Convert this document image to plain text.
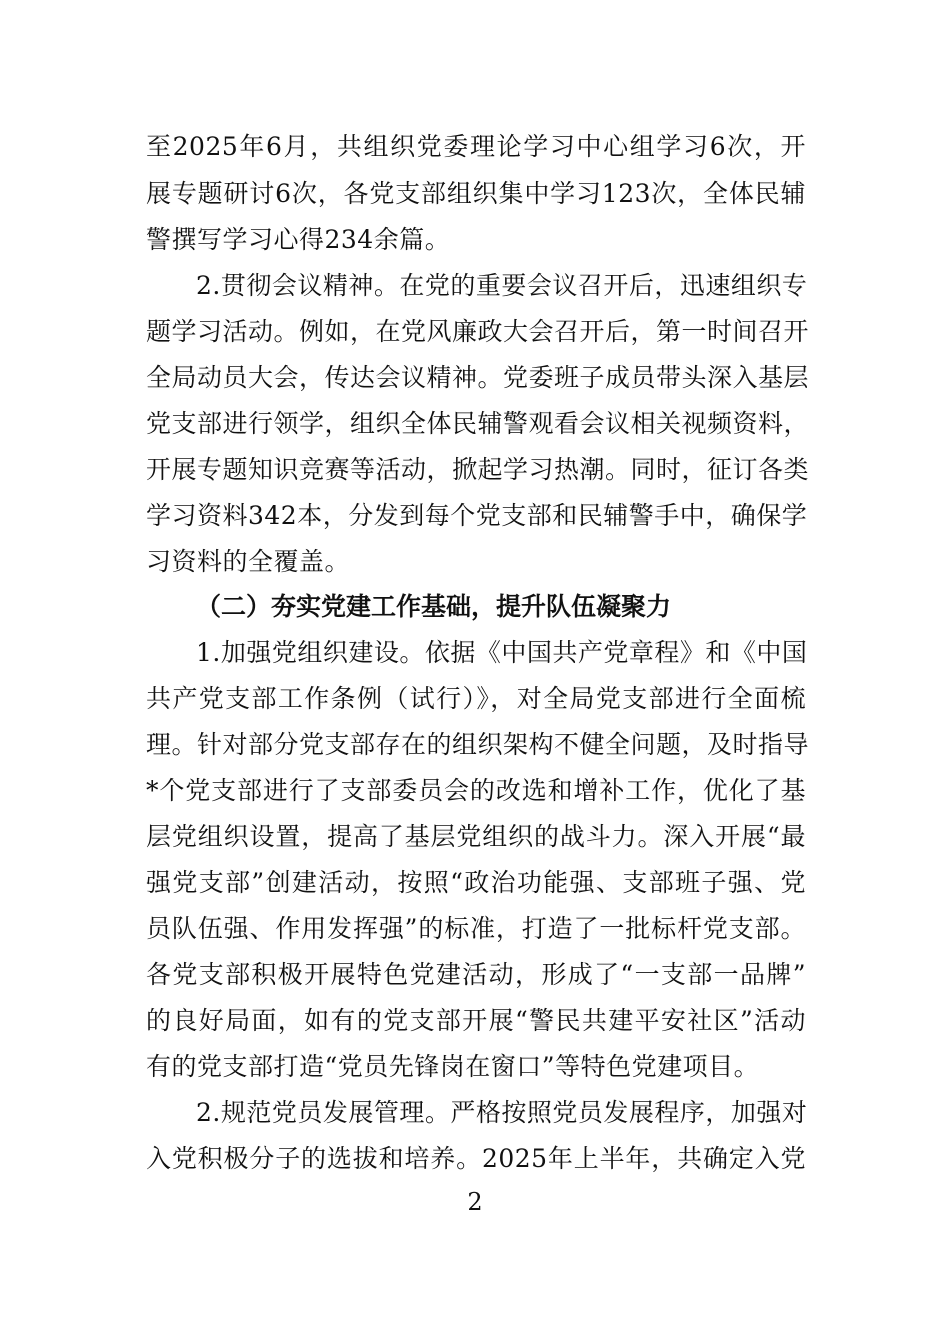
至2025年6月，共组织党委理论学习中心组学习6次，开
展专题研讨6次，各党支部组织集中学习123次，全体民辅
警撰写学习心得234余篇。
2.贯彻会议精神。在党的重要会议召开后，迅速组织专
题学习活动。例如，在党风廉政大会召开后，第一时间召开
全局动员大会，传达会议精神。党委班子成员带头深入基层
党支部进行领学，组织全体民辅警观看会议相关视频资料，
开展专题知识竞赛等活动，掀起学习热潮。同时，征订各类
学习资料342本，分发到每个党支部和民辅警手中，确保学
习资料的全覆盖。
（二）夯实党建工作基础，提升队伍凝聚力
1.加强党组织建设。依据《中国共产党章程》和《中国
共产党支部工作条例（试行）》，对全局党支部进行全面梳
理。针对部分党支部存在的组织架构不健全问题，及时指导
*个党支部进行了支部委员会的改选和增补工作，优化了基
层党组织设置，提高了基层党组织的战斗力。深入开展“最
强党支部”创建活动，按照“政治功能强、支部班子强、党
员队伍强、作用发挥强”的标准，打造了一批标杆党支部。
各党支部积极开展特色党建活动，形成了“一支部一品牌”
的良好局面，如有的党支部开展“警民共建平安社区”活动
有的党支部打造“党员先锋岗在窗口”等特色党建项目。
2.规范党员发展管理。严格按照党员发展程序，加强对
入党积极分子的选拔和培养。2025年上半年，共确定入党
2
